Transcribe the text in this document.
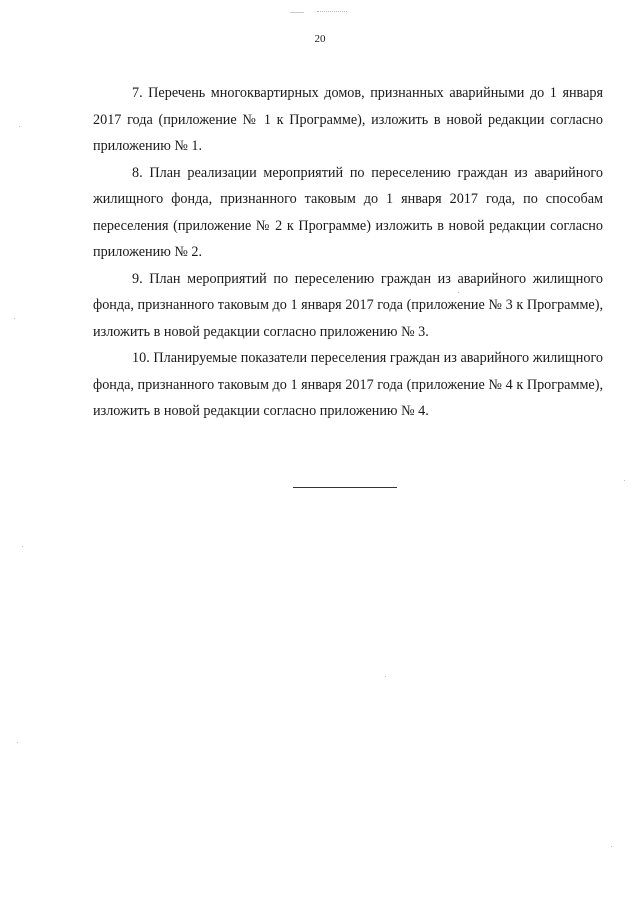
20

7. Перечень многоквартирных домов, признанных аварийными до 1 января 2017 года (приложение № 1 к Программе), изложить в новой редакции согласно приложению № 1.

8. План реализации мероприятий по переселению граждан из аварийного жилищного фонда, признанного таковым до 1 января 2017 года, по способам переселения (приложение № 2 к Программе) изложить в новой редакции согласно приложению № 2.

9. План мероприятий по переселению граждан из аварийного жилищного фонда, признанного таковым до 1 января 2017 года (приложение № 3 к Программе), изложить в новой редакции согласно приложению № 3.

10. Планируемые показатели переселения граждан из аварийного жилищного фонда, признанного таковым до 1 января 2017 года (приложение № 4 к Программе), изложить в новой редакции согласно приложению № 4.
